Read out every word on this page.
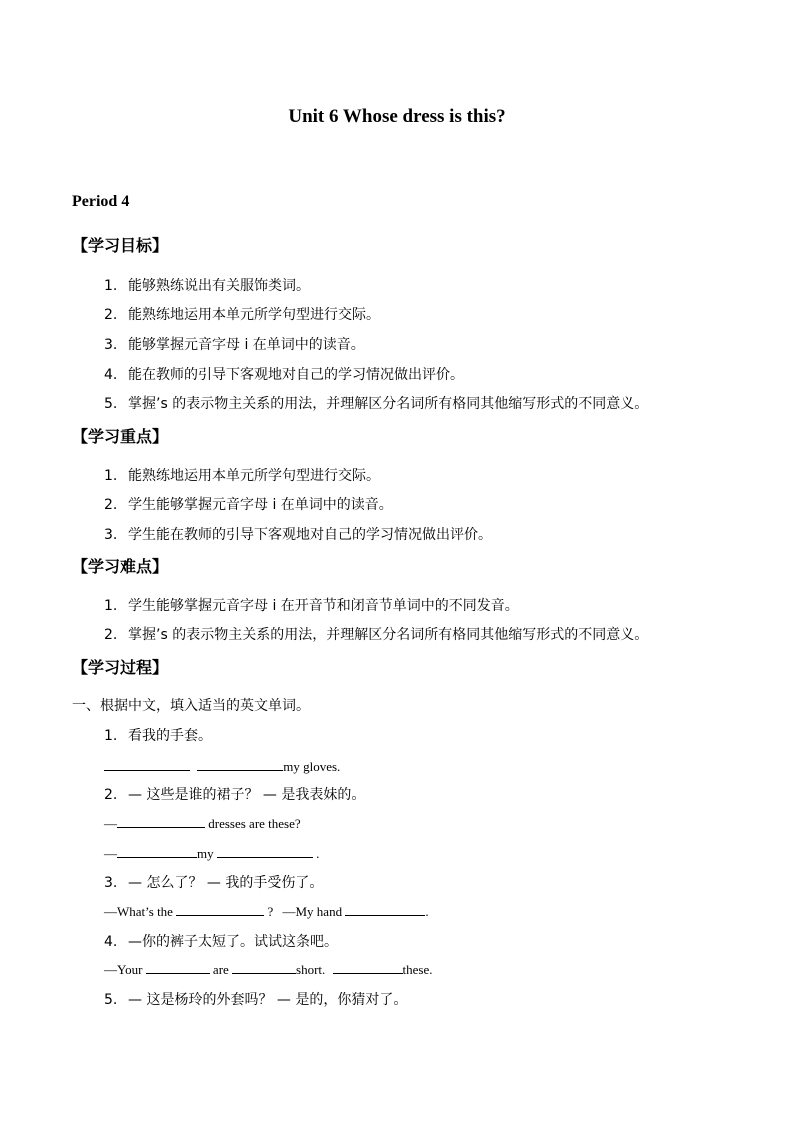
Unit 6 Whose dress is this?
Period 4
【学习目标】
1. 能够熟练说出有关服饰类词。
2. 能熟练地运用本单元所学句型进行交际。
3. 能够掌握元音字母 i 在单词中的读音。
4. 能在教师的引导下客观地对自己的学习情况做出评价。
5. 掌握’s 的表示物主关系的用法，并理解区分名词所有格同其他缩写形式的不同意义。
【学习重点】
1. 能熟练地运用本单元所学句型进行交际。
2. 学生能够掌握元音字母 i 在单词中的读音。
3. 学生能在教师的引导下客观地对自己的学习情况做出评价。
【学习难点】
1. 学生能够掌握元音字母 i 在开音节和闭音节单词中的不同发音。
2. 掌握’s 的表示物主关系的用法，并理解区分名词所有格同其他缩写形式的不同意义。
【学习过程】
一、根据中文，填入适当的英文单词。
1. 看我的手套。
my gloves.
2. — 这些是谁的裙子？ — 是我表妹的。
—	dresses are these?
—	my	.
3. — 怎么了？ — 我的手受伤了。
—What’s the	? —My hand	.
4. —你的裤子太短了。试试这条吧。
—Your	are	short.	these.
5. — 这是杨玲的外套吗？ — 是的，你猜对了。
